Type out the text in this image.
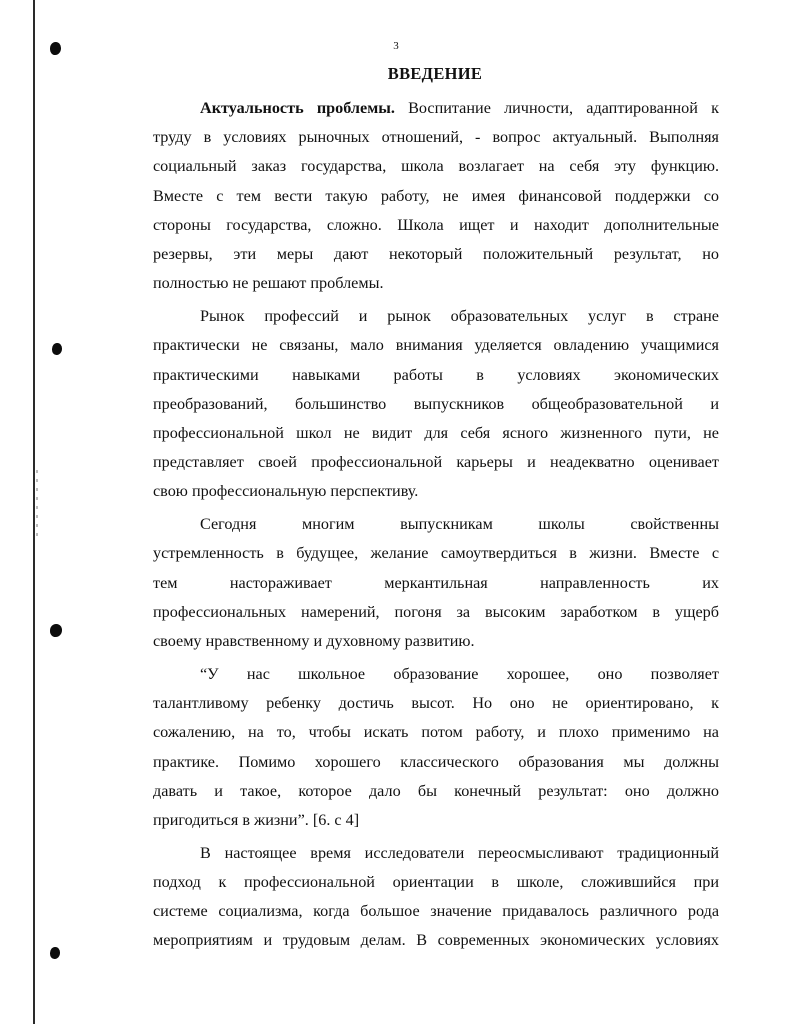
3
ВВЕДЕНИЕ

Актуальность проблемы. Воспитание личности, адаптированной к
труду в условиях рыночных отношений, - вопрос актуальный. Выполняя
социальный заказ государства, школа возлагает на себя эту функцию.
Вместе с тем вести такую работу, не имея финансовой поддержки со
стороны государства, сложно. Школа ищет и находит дополнительные
резервы, эти меры дают некоторый положительный результат, но
полностью не решают проблемы.

Рынок профессий и рынок образовательных услуг в стране
практически не связаны, мало внимания уделяется овладению учащимися
практическими навыками работы в условиях экономических
преобразований, большинство выпускников общеобразовательной и
профессиональной школ не видит для себя ясного жизненного пути, не
представляет своей профессиональной карьеры и неадекватно оценивает
свою профессиональную перспективу.

Сегодня многим выпускникам школы свойственны
устремленность в будущее, желание самоутвердиться в жизни. Вместе с
тем настораживает меркантильная направленность их
профессиональных намерений, погоня за высоким заработком в ущерб
своему нравственному и духовному развитию.

“У нас школьное образование хорошее, оно позволяет
талантливому ребенку достичь высот. Но оно не ориентировано, к
сожалению, на то, чтобы искать потом работу, и плохо применимо на
практике. Помимо хорошего классического образования мы должны
давать и такое, которое дало бы конечный результат: оно должно
пригодиться в жизни”. [6. с 4]

В настоящее время исследователи переосмысливают традиционный
подход к профессиональной ориентации в школе, сложившийся при
системе социализма, когда большое значение придавалось различного рода
мероприятиям и трудовым делам. В современных экономических условиях
